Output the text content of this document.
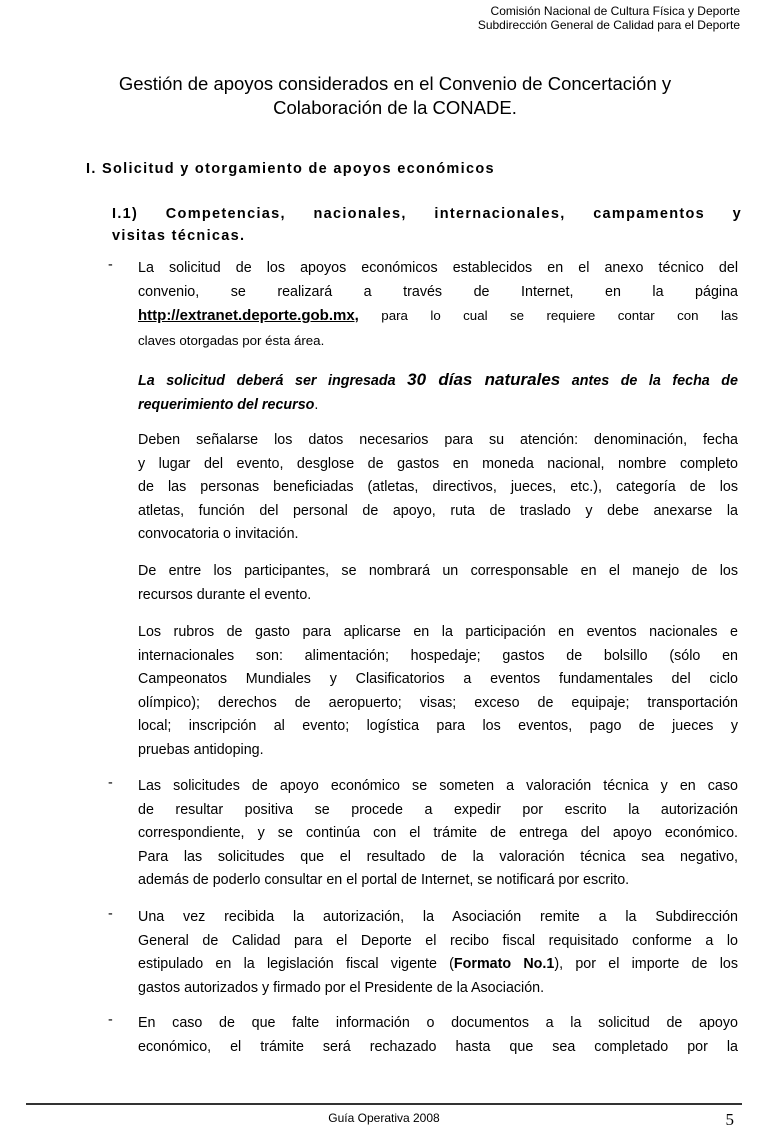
Comisión Nacional de Cultura Física y Deporte
Subdirección General de Calidad para el Deporte
Gestión de apoyos considerados en el Convenio de Concertación y
Colaboración de la CONADE.
I. Solicitud y otorgamiento de apoyos económicos
I.1) Competencias, nacionales, internacionales, campamentos y
visitas técnicas.
- La solicitud de los apoyos económicos establecidos en el anexo técnico del
convenio, se realizará a través de Internet, en la página
http://extranet.deporte.gob.mx, para lo cual se requiere contar con las
claves otorgadas por ésta área.
La solicitud deberá ser ingresada 30 días naturales antes de la fecha de
requerimiento del recurso.
Deben señalarse los datos necesarios para su atención: denominación, fecha
y lugar del evento, desglose de gastos en moneda nacional, nombre completo
de las personas beneficiadas (atletas, directivos, jueces, etc.), categoría de los
atletas, función del personal de apoyo, ruta de traslado y debe anexarse la
convocatoria o invitación.
De entre los participantes, se nombrará un corresponsable en el manejo de los
recursos durante el evento.
Los rubros de gasto para aplicarse en la participación en eventos nacionales e
internacionales son: alimentación; hospedaje; gastos de bolsillo (sólo en
Campeonatos Mundiales y Clasificatorios a eventos fundamentales del ciclo
olímpico); derechos de aeropuerto; visas; exceso de equipaje; transportación
local; inscripción al evento; logística para los eventos, pago de jueces y
pruebas antidoping.
- Las solicitudes de apoyo económico se someten a valoración técnica y en caso
de resultar positiva se procede a expedir por escrito la autorización
correspondiente, y se continúa con el trámite de entrega del apoyo económico.
Para las solicitudes que el resultado de la valoración técnica sea negativo,
además de poderlo consultar en el portal de Internet, se notificará por escrito.
- Una vez recibida la autorización, la Asociación remite a la Subdirección
General de Calidad para el Deporte el recibo fiscal requisitado conforme a lo
estipulado en la legislación fiscal vigente (Formato No.1), por el importe de los
gastos autorizados y firmado por el Presidente de la Asociación.
- En caso de que falte información o documentos a la solicitud de apoyo
económico, el trámite será rechazado hasta que sea completado por la
Guía Operativa 2008	5
